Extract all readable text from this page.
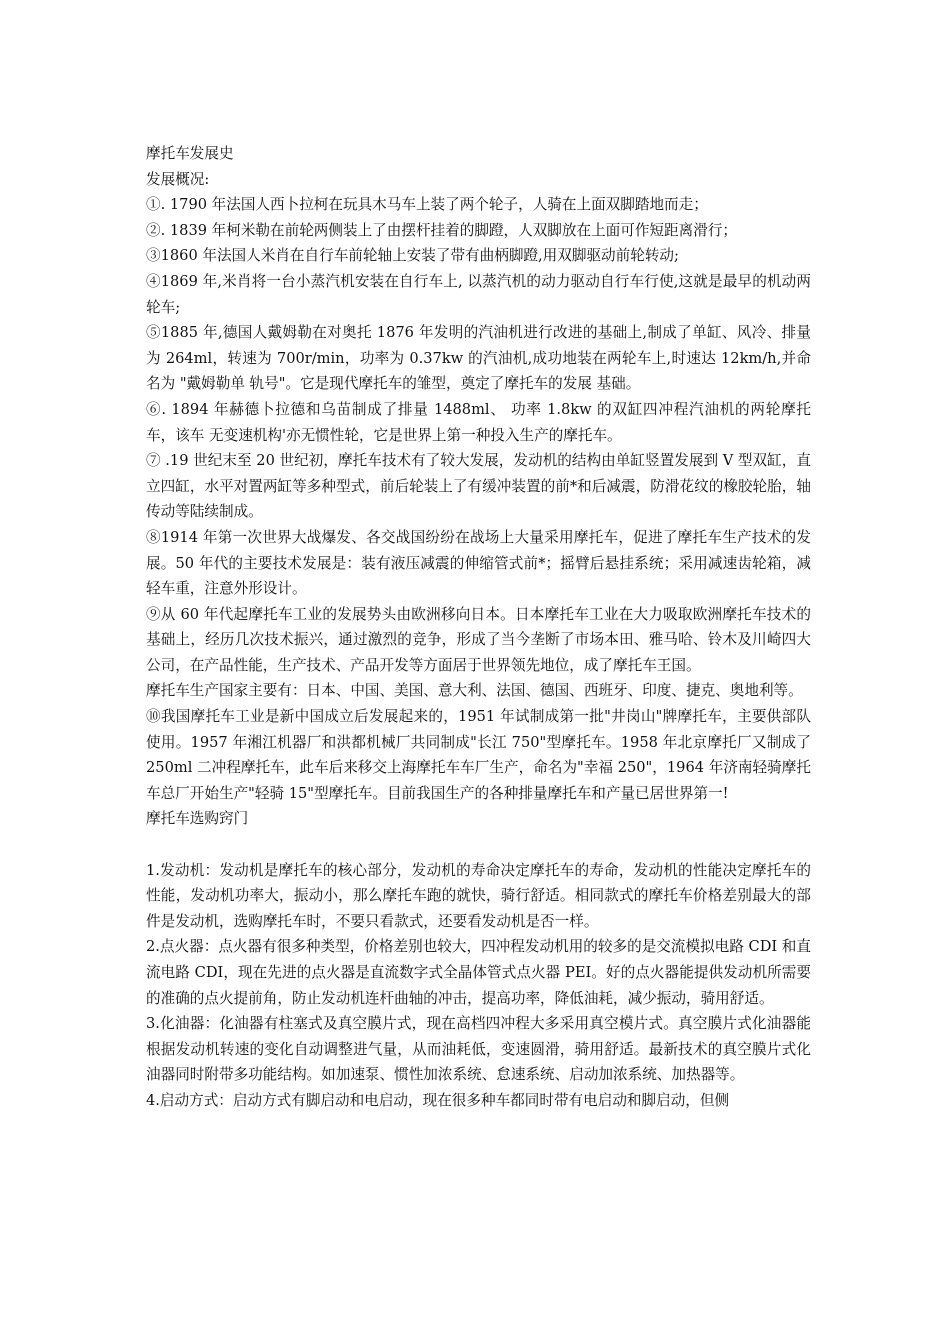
摩托车发展史

发展概况:

①. 1790 年法国人西卜拉柯在玩具木马车上装了两个轮子，人骑在上面双脚踏地而走；

②. 1839 年柯米勒在前轮两侧装上了由摆杆挂着的脚蹬，人双脚放在上面可作短距离滑行；

③1860 年法国人米肖在自行车前轮轴上安装了带有曲柄脚蹬,用双脚驱动前轮转动;

④1869 年,米肖将一台小蒸汽机安装在自行车上, 以蒸汽机的动力驱动自行车行使,这就是最早的机动两 轮车;

⑤1885 年,德国人戴姆勒在对奥托 1876 年发明的汽油机进行改进的基础上,制成了单缸、风冷、排量为 264ml，转速为 700r/min，功率为 0.37kw 的汽油机,成功地装在两轮车上,时速达 12km/h,并命名为 "戴姆勒单 轨号"。它是现代摩托车的雏型，奠定了摩托车的发展 基础。

⑥. 1894 年赫德卜拉德和乌苗制成了排量 1488ml、 功率 1.8kw 的双缸四冲程汽油机的两轮摩托车，该车 无变速机构'亦无惯性轮，它是世界上第一种投入生产的摩托车。

⑦ .19 世纪末至 20 世纪初，摩托车技术有了较大发展，发动机的结构由单缸竖置发展到 V 型双缸，直立四缸，水平对置两缸等多种型式，前后轮装上了有缓冲装置的前*和后减震，防滑花纹的橡胶轮胎，轴传动等陆续制成。

⑧1914 年第一次世界大战爆发、各交战国纷纷在战场上大量采用摩托车，促进了摩托车生产技术的发展。50 年代的主要技术发展是：装有液压减震的伸缩管式前*；摇臂后悬挂系统；采用减速齿轮箱，减轻车重，注意外形设计。

⑨从 60 年代起摩托车工业的发展势头由欧洲移向日本。日本摩托车工业在大力吸取欧洲摩托车技术的基础上，经历几次技术振兴，通过激烈的竞争，形成了当今垄断了市场本田、雅马哈、铃木及川崎四大公司，在产品性能，生产技术、产品开发等方面居于世界领先地位，成了摩托车王国。

摩托车生产国家主要有：日本、中国、美国、意大利、法国、德国、西班牙、印度、捷克、奥地利等。

⑩我国摩托车工业是新中国成立后发展起来的，1951 年试制成第一批"井岗山"牌摩托车，主要供部队使用。1957 年湘江机器厂和洪都机械厂共同制成"长江 750"型摩托车。1958 年北京摩托厂又制成了 250ml 二冲程摩托车，此车后来移交上海摩托车车厂生产，命名为"幸福 250"，1964 年济南轻骑摩托车总厂开始生产"轻骑 15"型摩托车。目前我国生产的各种排量摩托车和产量已居世界第一!

摩托车选购窍门

1.发动机：发动机是摩托车的核心部分，发动机的寿命决定摩托车的寿命，发动机的性能决定摩托车的性能，发动机功率大，振动小，那么摩托车跑的就快，骑行舒适。相同款式的摩托车价格差别最大的部件是发动机，选购摩托车时，不要只看款式，还要看发动机是否一样。

2.点火器：点火器有很多种类型，价格差别也较大，四冲程发动机用的较多的是交流模拟电路 CDI 和直流电路 CDI，现在先进的点火器是直流数字式全晶体管式点火器 PEI。好的点火器能提供发动机所需要的准确的点火提前角，防止发动机连杆曲轴的冲击，提高功率，降低油耗，减少振动，骑用舒适。

3.化油器：化油器有柱塞式及真空膜片式，现在高档四冲程大多采用真空模片式。真空膜片式化油器能根据发动机转速的变化自动调整进气量，从而油耗低，变速圆滑，骑用舒适。最新技术的真空膜片式化油器同时附带多功能结构。如加速泵、惯性加浓系统、怠速系统、启动加浓系统、加热器等。

4.启动方式：启动方式有脚启动和电启动，现在很多种车都同时带有电启动和脚启动，但侧
